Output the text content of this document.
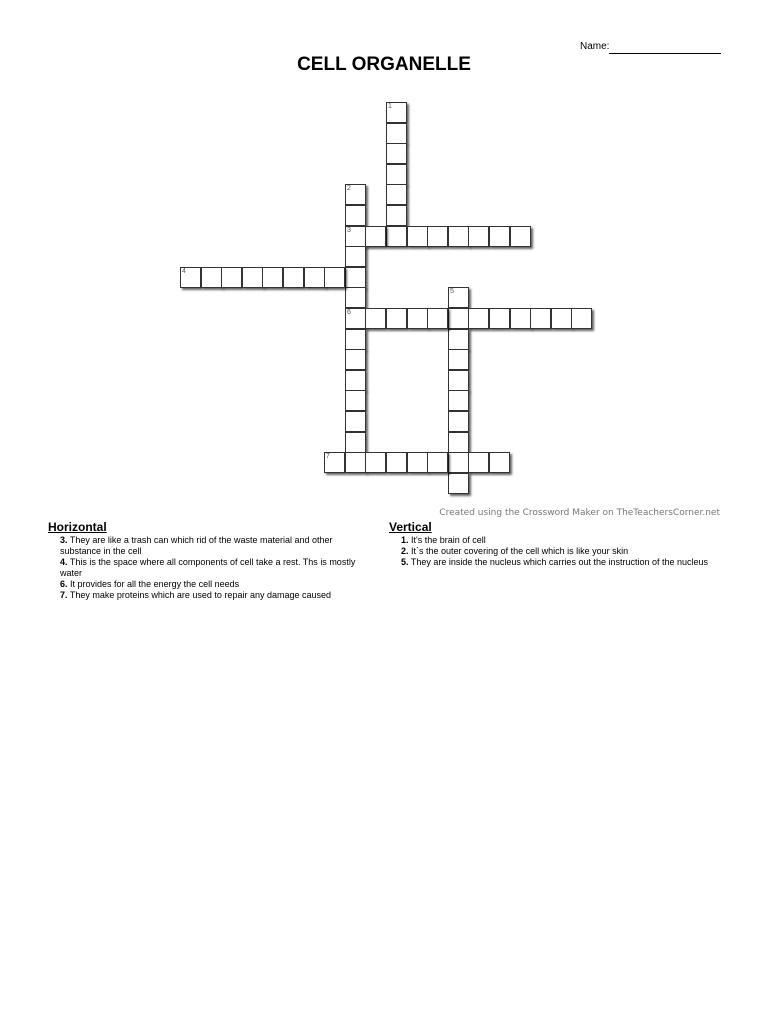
Name:
CELL ORGANELLE
1
2
3
6
4
5
7
Created using the Crossword Maker on TheTeachersCorner.net
Horizontal
3. They are like a trash can which rid of the waste material and other substance in the cell
4. This is the space where all components of cell take a rest. Ths is mostly water
6. It provides for all the energy the cell needs
7. They make proteins which are used to repair any damage caused
Vertical
1. It's the brain of cell
2. It`s the outer covering of the cell which is like your skin
5. They are inside the nucleus which carries out the instruction of the nucleus
